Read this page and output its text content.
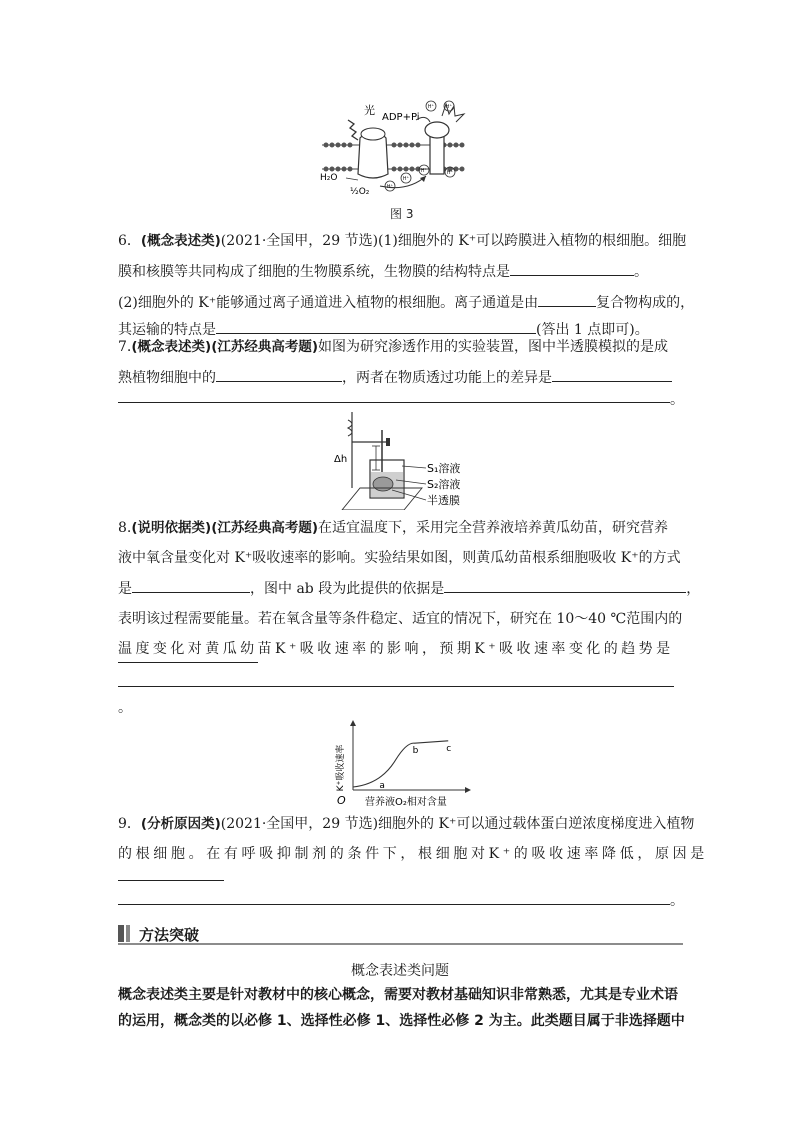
光
ADP+Pi
H⁺ H⁺
H⁺
H⁺
H⁺	H⁺
H₂O
½O₂
图 3
6．(概念表述类)(2021·全国甲，29 节选)(1)细胞外的 K⁺可以跨膜进入植物的根细胞。细胞
膜和核膜等共同构成了细胞的生物膜系统，生物膜的结构特点是	。
(2)细胞外的 K⁺能够通过离子通道进入植物的根细胞。离子通道是由	复合物构成的，
其运输的特点是	(答出 1 点即可)。
7.(概念表述类)(江苏经典高考题)如图为研究渗透作用的实验装置，图中半透膜模拟的是成
熟植物细胞中的	，两者在物质透过功能上的差异是
。
Δh
S₁溶液
S₂溶液
半透膜
8.(说明依据类)(江苏经典高考题)在适宜温度下，采用完全营养液培养黄瓜幼苗，研究营养
液中氧含量变化对 K⁺吸收速率的影响。实验结果如图，则黄瓜幼苗根系细胞吸收 K⁺的方式
是	，图中 ab 段为此提供的依据是	，
表明该过程需要能量。若在氧含量等条件稳定、适宜的情况下，研究在 10～40 ℃范围内的
温 度 变 化 对 黄 瓜 幼 苗 K ⁺ 吸 收 速 率 的 影 响 ， 预 期 K ⁺ 吸 收 速 率 变 化 的 趋 势 是
。
K⁺吸收速率
O 营养液O₂相对含量
a
b	c
9．(分析原因类)(2021·全国甲，29 节选)细胞外的 K⁺可以通过载体蛋白逆浓度梯度进入植物
的 根 细 胞 。 在 有 呼 吸 抑 制 剂 的 条 件 下 ， 根 细 胞 对 K ⁺ 的 吸 收 速 率 降 低 ， 原 因 是
。
方法突破
概念表述类问题
概念表述类主要是针对教材中的核心概念，需要对教材基础知识非常熟悉，尤其是专业术语
的运用，概念类的以必修 1、选择性必修 1、选择性必修 2 为主。此类题目属于非选择题中
